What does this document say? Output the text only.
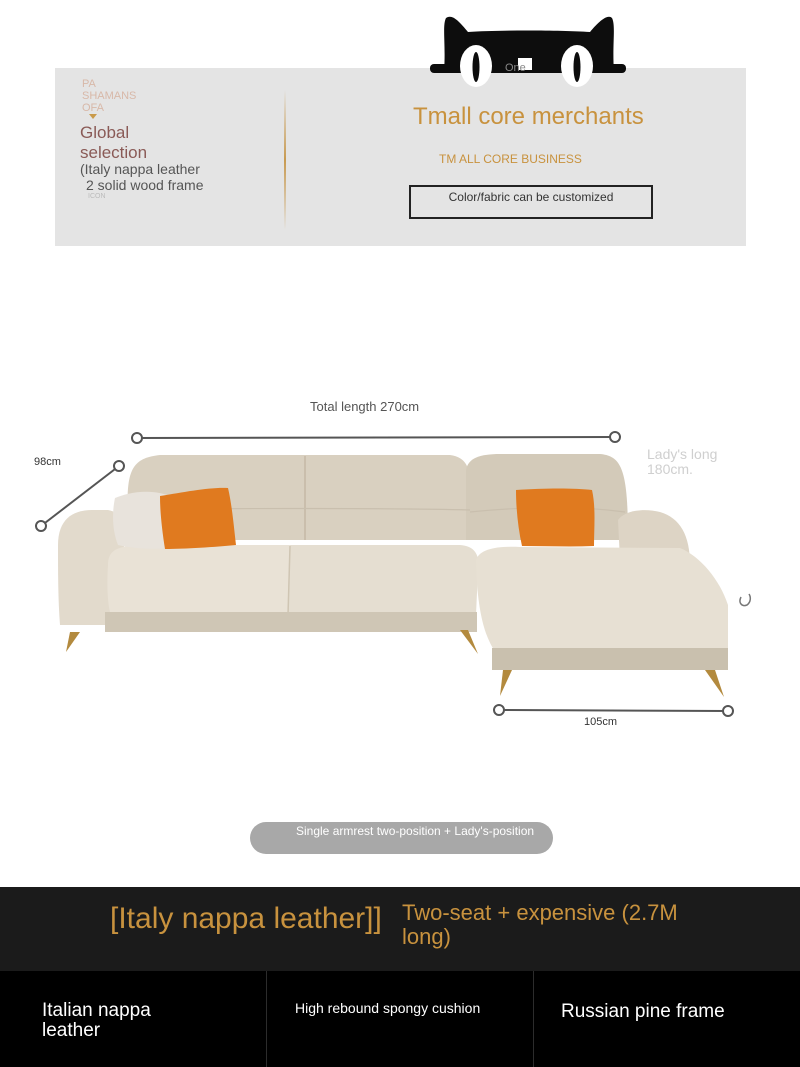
PA
SHAMANS
OFA
Global selection
(Italy nappa leather
2 solid wood frame
ICON
Tmall core merchants
TM ALL CORE BUSINESS
Color/fabric can be customized
One
Total length 270cm
98cm	Lady's long 180cm.
105cm
Single armrest two-position + Lady's-position
[Italy nappa leather]] Two-seat + expensive (2.7M long)
Italian nappa leather
High rebound spongy cushion	Russian pine frame
